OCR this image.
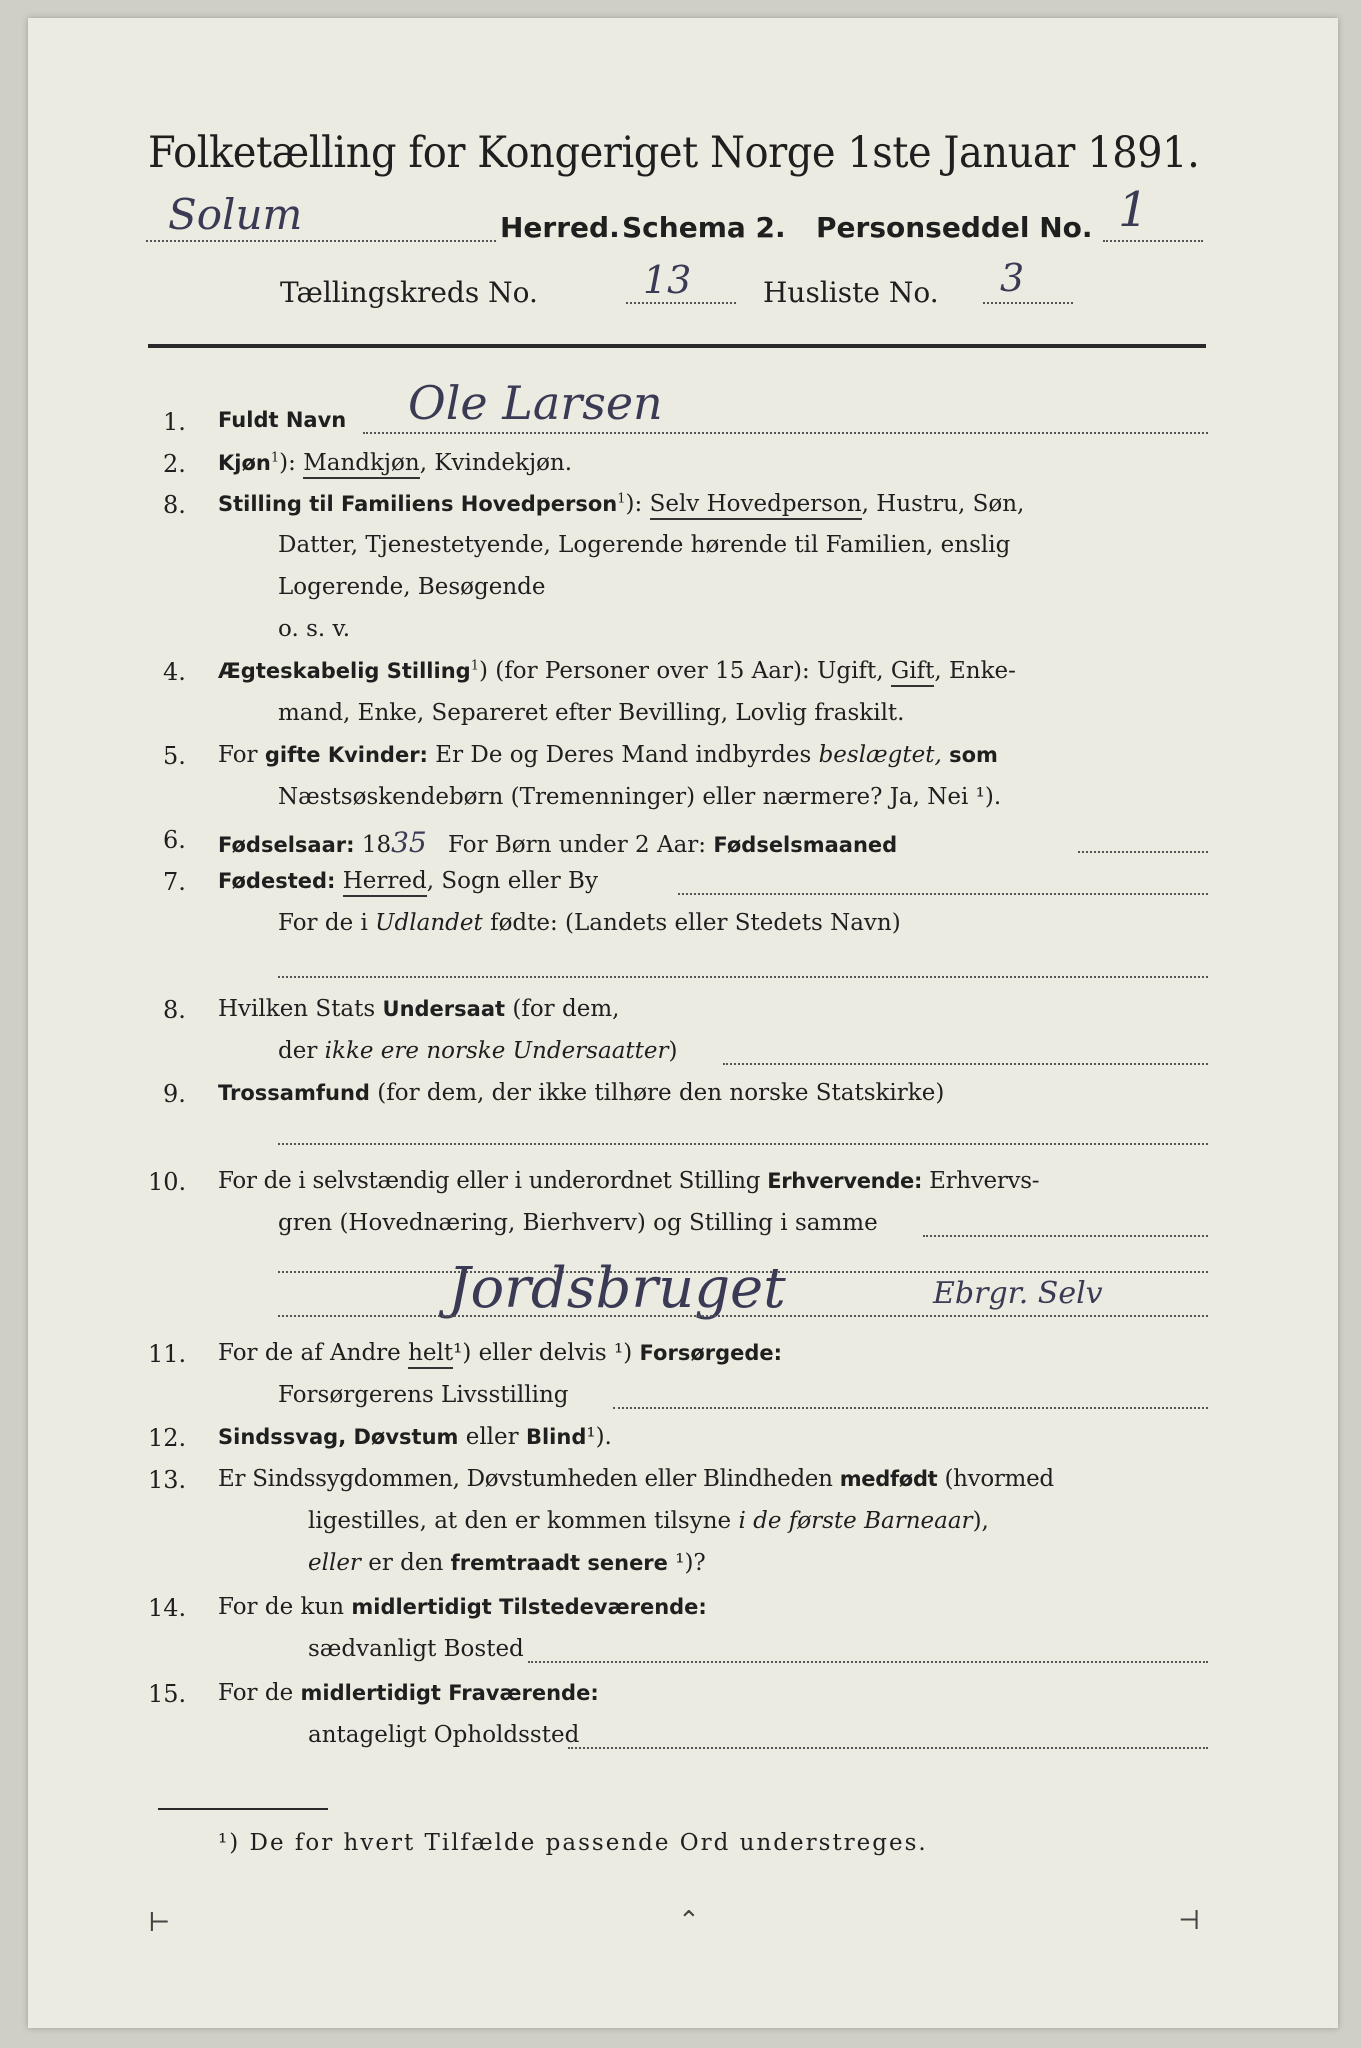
Folketælling for Kongeriget Norge 1ste Januar 1891.
Solum	Herred. Schema 2. Personseddel No. 1
Tællingskreds No.	13	Husliste No. 3
1. Fuldt Navn Ole Larsen
2. Kjøn$^1$): Mandkjøn, Kvindekjøn.
8. Stilling til Familiens Hovedperson$^1$): Selv Hovedperson, Hustru, Søn,
Datter, Tjenestetyende, Logerende hørende til Familien, enslig
Logerende, Besøgende
o. s. v.
4. Ægteskabelig Stilling$^1$) (for Personer over 15 Aar): Ugift, Gift, Enke-
mand, Enke, Separeret efter Bevilling, Lovlig fraskilt.
5. For gifte Kvinder: Er De og Deres Mand indbyrdes beslægtet, som
Næstsøskendebørn (Tremenninger) eller nærmere? Ja, Nei ¹).
6. Fødselsaar: 1835 For Børn under 2 Aar: Fødselsmaaned
7. Fødested: Herred, Sogn eller By
For de i Udlandet fødte: (Landets eller Stedets Navn)
8. Hvilken Stats Undersaat (for dem,
der ikke ere norske Undersaatter)
9. Trossamfund (for dem, der ikke tilhøre den norske Statskirke)
10. For de i selvstændig eller i underordnet Stilling Erhvervende: Erhvervs-
gren (Hovednæring, Bierhverv) og Stilling i samme
Jordsbruget	Ebrgr. Selv
11. For de af Andre helt¹) eller delvis ¹) Forsørgede:
Forsørgerens Livsstilling
12. Sindssvag, Døvstum eller Blind¹).
13. Er Sindssygdommen, Døvstumheden eller Blindheden medfødt (hvormed
ligestilles, at den er kommen tilsyne i de første Barneaar),
eller er den fremtraadt senere ¹)?
14. For de kun midlertidigt Tilstedeværende:
sædvanligt Bosted
15. For de midlertidigt Fraværende:
antageligt Opholdssted
¹) De for hvert Tilfælde passende Ord understreges.
⊢	⌃	⊣
